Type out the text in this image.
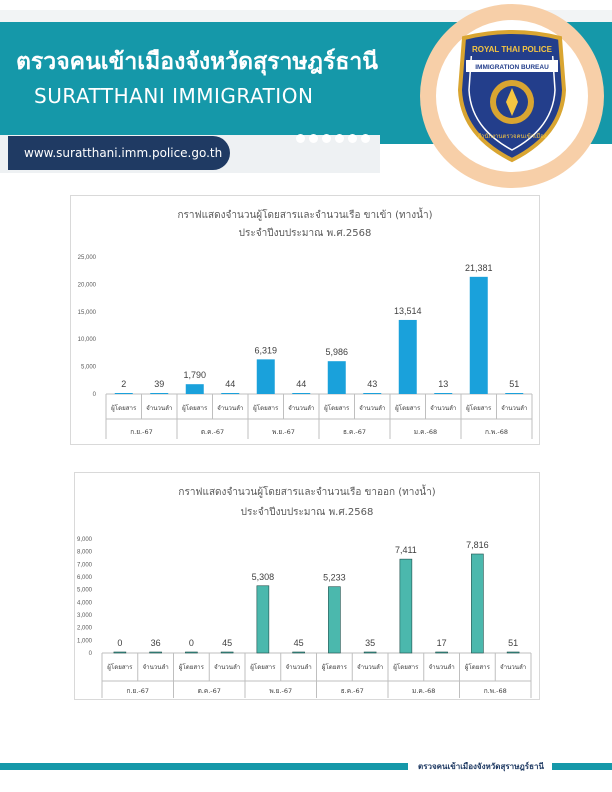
ตรวจคนเข้าเมืองจังหวัดสุราษฎร์ธานี
SURATTHANI IMMIGRATION
www.suratthani.imm.police.go.th
ROYAL THAI POLICE
IMMIGRATION BUREAU
สำนักงานตรวจคนเข้าเมือง
กราฟแสดงจำนวนผู้โดยสารและจำนวนเรือ ขาเข้า (ทางน้ำ)
ประจำปีงบประมาณ พ.ศ.2568
0
5,000
10,000
15,000
20,000
25,000
2
ผู้โดยสาร
39
จำนวนลำ
1,790
ผู้โดยสาร
44
จำนวนลำ
6,319
ผู้โดยสาร
44
จำนวนลำ
5,986
ผู้โดยสาร
43
จำนวนลำ
13,514
ผู้โดยสาร
13
จำนวนลำ
21,381
ผู้โดยสาร
51
จำนวนลำ
ก.ย.-67	ต.ค.-67	พ.ย.-67	ธ.ค.-67	ม.ค.-68	ก.พ.-68
กราฟแสดงจำนวนผู้โดยสารและจำนวนเรือ ขาออก (ทางน้ำ)
ประจำปีงบประมาณ พ.ศ.2568
0
1,000
2,000
3,000
4,000
5,000
6,000
7,000
8,000
9,000
0
ผู้โดยสาร
36
จำนวนลำ
0
ผู้โดยสาร
45
จำนวนลำ
5,308
ผู้โดยสาร
45
จำนวนลำ
5,233
ผู้โดยสาร
35
จำนวนลำ
7,411
ผู้โดยสาร
17
จำนวนลำ
7,816
ผู้โดยสาร
51
จำนวนลำ
ก.ย.-67	ต.ค.-67	พ.ย.-67	ธ.ค.-67	ม.ค.-68	ก.พ.-68
ตรวจคนเข้าเมืองจังหวัดสุราษฎร์ธานี
